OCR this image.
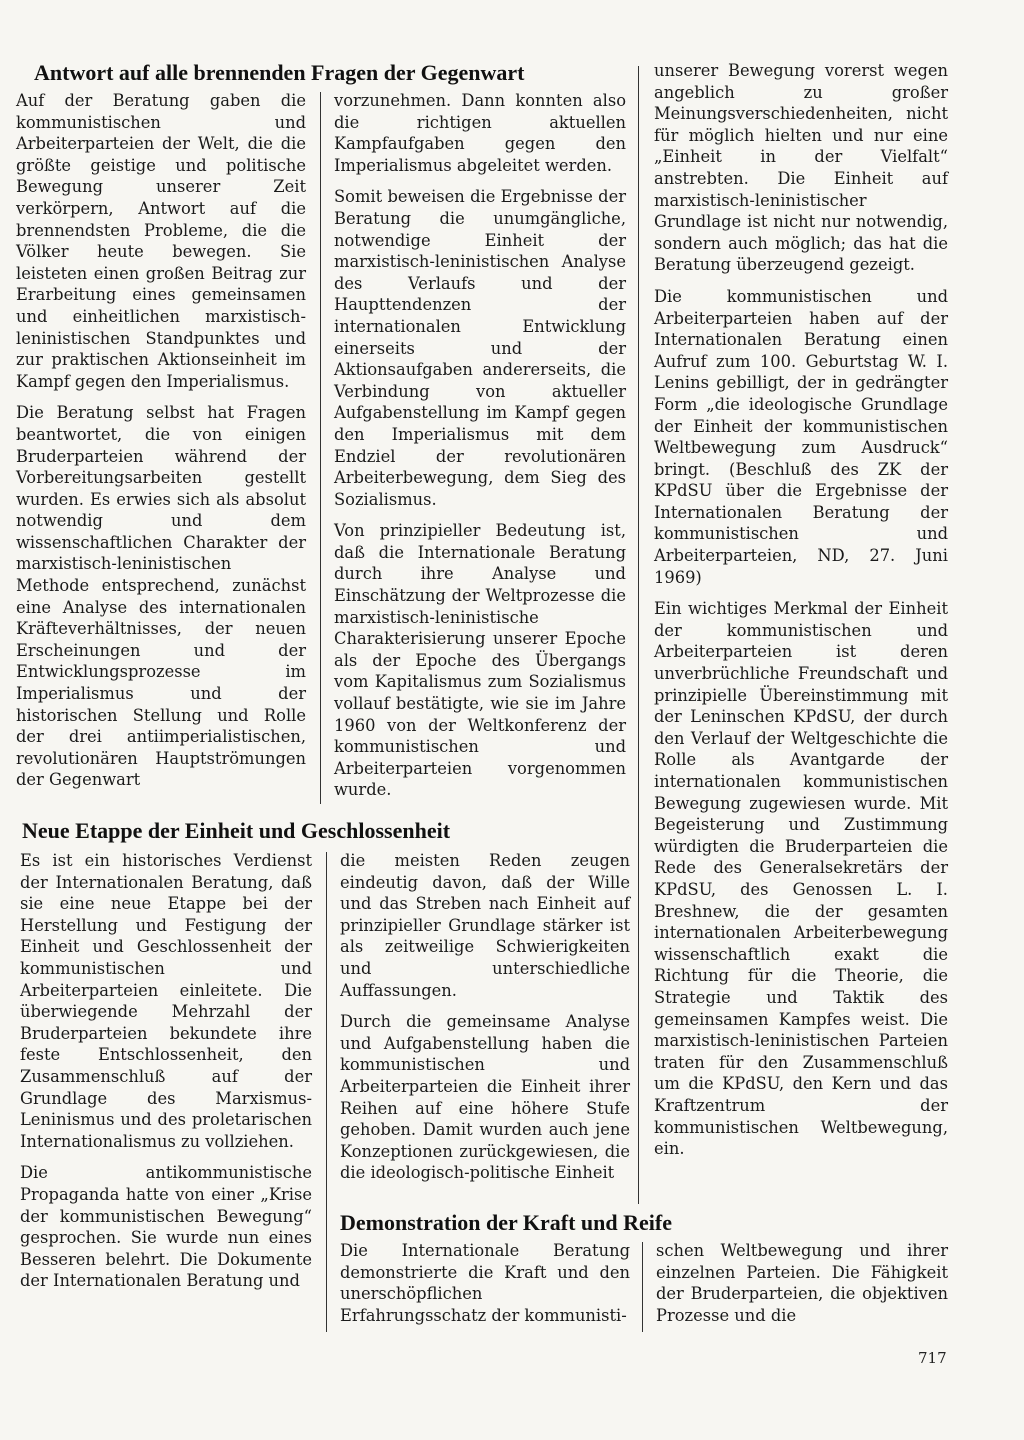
Antwort auf alle brennenden Fragen der Gegenwart

Auf der Beratung gaben die kommunistischen und Arbeiterparteien der Welt, die die größte geistige und politische Bewegung unserer Zeit verkörpern, Antwort auf die brennendsten Probleme, die die Völker heute bewegen. Sie leisteten einen großen Beitrag zur Erarbeitung eines gemeinsamen und einheitlichen marxistisch-leninistischen Standpunktes und zur praktischen Aktionseinheit im Kampf gegen den Imperialismus.

Die Beratung selbst hat Fragen beantwortet, die von einigen Bruderparteien während der Vorbereitungsarbeiten gestellt wurden. Es erwies sich als absolut notwendig und dem wissenschaftlichen Charakter der marxistisch-leninistischen Methode entsprechend, zunächst eine Analyse des internationalen Kräfteverhältnisses, der neuen Erscheinungen und der Entwicklungsprozesse im Imperialismus und der historischen Stellung und Rolle der drei antiimperialistischen, revolutionären Hauptströmungen der Gegenwart

vorzunehmen. Dann konnten also die richtigen aktuellen Kampfaufgaben gegen den Imperialismus abgeleitet werden.

Somit beweisen die Ergebnisse der Beratung die unumgängliche, notwendige Einheit der marxistisch-leninistischen Analyse des Verlaufs und der Haupttendenzen der internationalen Entwicklung einerseits und der Aktionsaufgaben andererseits, die Verbindung von aktueller Aufgabenstellung im Kampf gegen den Imperialismus mit dem Endziel der revolutionären Arbeiterbewegung, dem Sieg des Sozialismus.

Von prinzipieller Bedeutung ist, daß die Internationale Beratung durch ihre Analyse und Einschätzung der Weltprozesse die marxistisch-leninistische Charakterisierung unserer Epoche als der Epoche des Übergangs vom Kapitalismus zum Sozialismus vollauf bestätigte, wie sie im Jahre 1960 von der Weltkonferenz der kommunistischen und Arbeiterparteien vorgenommen wurde.

Neue Etappe der Einheit und Geschlossenheit

Es ist ein historisches Verdienst der Internationalen Beratung, daß sie eine neue Etappe bei der Herstellung und Festigung der Einheit und Geschlossenheit der kommunistischen und Arbeiterparteien einleitete. Die überwiegende Mehrzahl der Bruderparteien bekundete ihre feste Entschlossenheit, den Zusammenschluß auf der Grundlage des Marxismus-Leninismus und des proletarischen Internationalismus zu vollziehen.

Die antikommunistische Propaganda hatte von einer „Krise der kommunistischen Bewegung“ gesprochen. Sie wurde nun eines Besseren belehrt. Die Dokumente der Internationalen Beratung und

die meisten Reden zeugen eindeutig davon, daß der Wille und das Streben nach Einheit auf prinzipieller Grundlage stärker ist als zeitweilige Schwierigkeiten und unterschiedliche Auffassungen.

Durch die gemeinsame Analyse und Aufgabenstellung haben die kommunistischen und Arbeiterparteien die Einheit ihrer Reihen auf eine höhere Stufe gehoben. Damit wurden auch jene Konzeptionen zurückgewiesen, die die ideologisch-politische Einheit

Demonstration der Kraft und Reife

Die Internationale Beratung demonstrierte die Kraft und den unerschöpflichen Erfahrungsschatz der kommunisti-

schen Weltbewegung und ihrer einzelnen Parteien. Die Fähigkeit der Bruderparteien, die objektiven Prozesse und die

unserer Bewegung vorerst wegen angeblich zu großer Meinungsverschiedenheiten, nicht für möglich hielten und nur eine „Einheit in der Vielfalt“ anstrebten. Die Einheit auf marxistisch-leninistischer Grundlage ist nicht nur notwendig, sondern auch möglich; das hat die Beratung überzeugend gezeigt.

Die kommunistischen und Arbeiterparteien haben auf der Internationalen Beratung einen Aufruf zum 100. Geburtstag W. I. Lenins gebilligt, der in gedrängter Form „die ideologische Grundlage der Einheit der kommunistischen Weltbewegung zum Ausdruck“ bringt. (Beschluß des ZK der KPdSU über die Ergebnisse der Internationalen Beratung der kommunistischen und Arbeiterparteien, ND, 27. Juni 1969)

Ein wichtiges Merkmal der Einheit der kommunistischen und Arbeiterparteien ist deren unverbrüchliche Freundschaft und prinzipielle Übereinstimmung mit der Leninschen KPdSU, der durch den Verlauf der Weltgeschichte die Rolle als Avantgarde der internationalen kommunistischen Bewegung zugewiesen wurde. Mit Begeisterung und Zustimmung würdigten die Bruderparteien die Rede des Generalsekretärs der KPdSU, des Genossen L. I. Breshnew, die der gesamten internationalen Arbeiterbewegung wissenschaftlich exakt die Richtung für die Theorie, die Strategie und Taktik des gemeinsamen Kampfes weist. Die marxistisch-leninistischen Parteien traten für den Zusammenschluß um die KPdSU, den Kern und das Kraftzentrum der kommunistischen Weltbewegung, ein.

717
